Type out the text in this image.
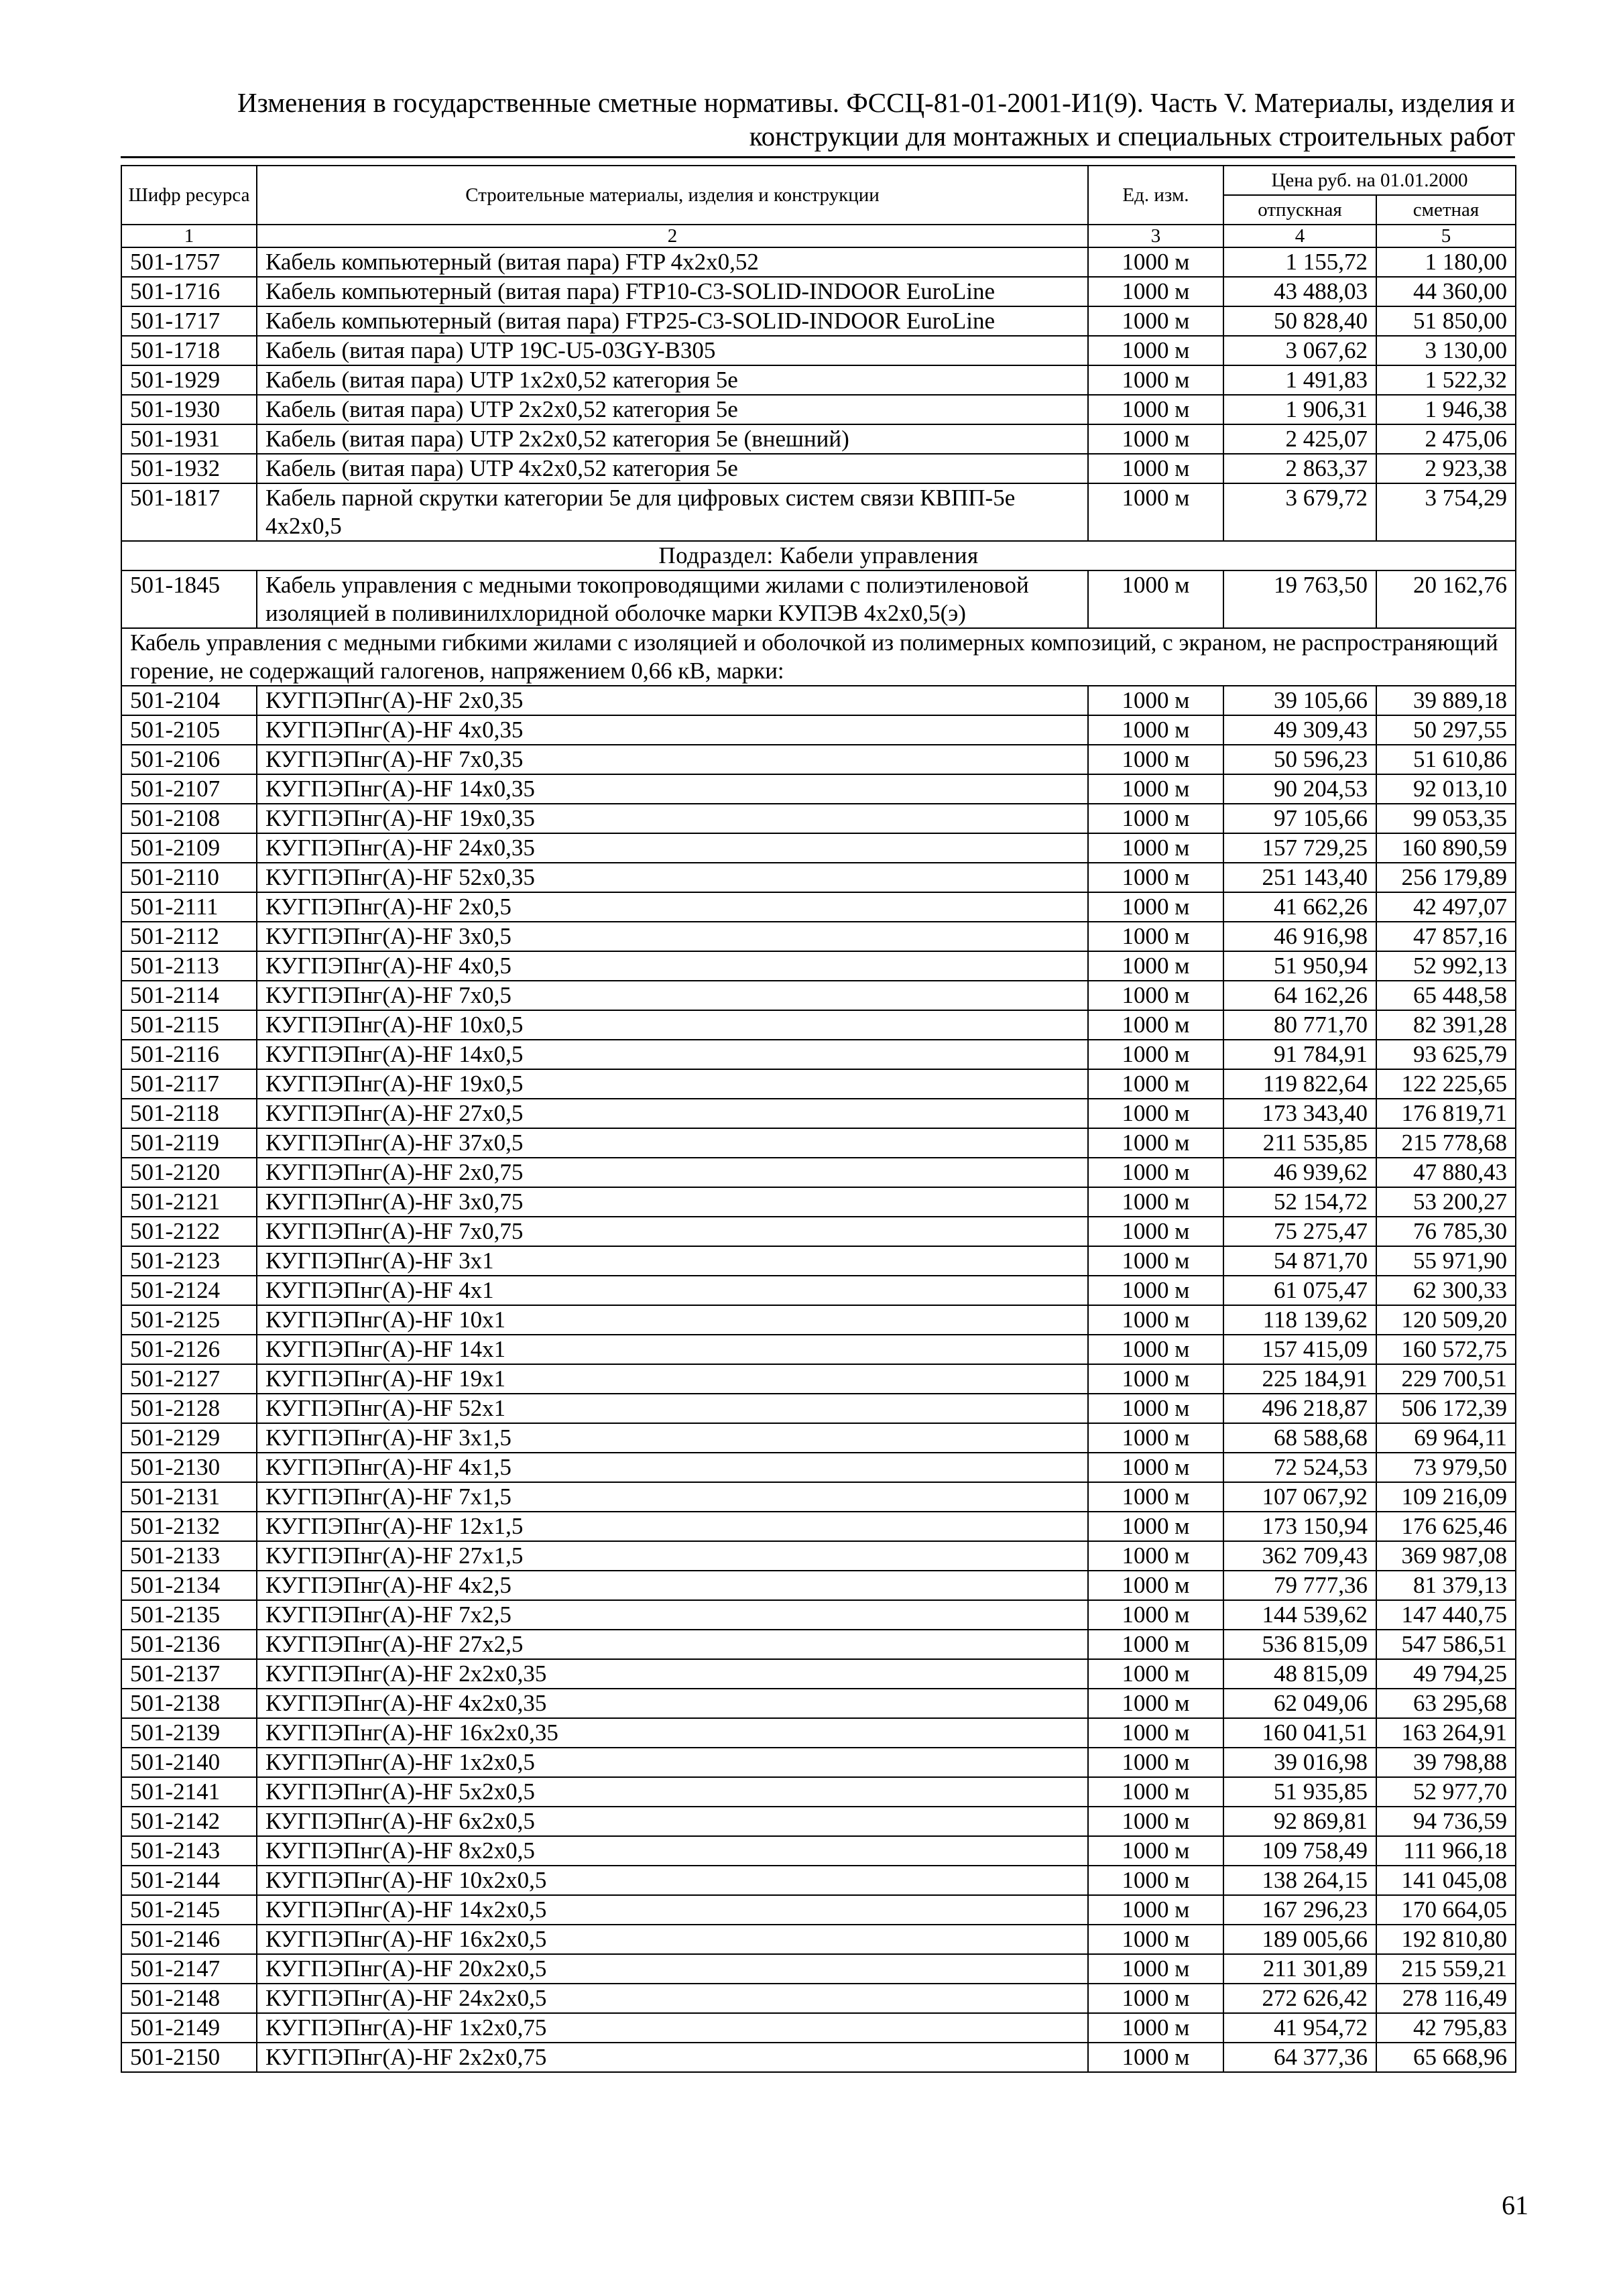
Изменения в государственные сметные нормативы. ФССЦ-81-01-2001-И1(9). Часть V. Материалы, изделия и
конструкции для монтажных и специальных строительных работ
Шифр ресурса	Строительные материалы, изделия и конструкции	Ед. изм.	Цена руб. на 01.01.2000	
			отпускная	сметная
1	2	3	4	5
501-1757	Кабель компьютерный (витая пара) FTP 4x2x0,52	1000 м	1 155,72	1 180,00
501-1716	Кабель компьютерный (витая пара) FTP10-C3-SOLID-INDOOR EuroLine	1000 м	43 488,03	44 360,00
501-1717	Кабель компьютерный (витая пара) FTP25-C3-SOLID-INDOOR EuroLine	1000 м	50 828,40	51 850,00
501-1718	Кабель (витая пара) UTP 19C-U5-03GY-B305	1000 м	3 067,62	3 130,00
501-1929	Кабель (витая пара) UTP 1x2x0,52 категория 5е	1000 м	1 491,83	1 522,32
501-1930	Кабель (витая пара) UTP 2x2x0,52 категория 5е	1000 м	1 906,31	1 946,38
501-1931	Кабель (витая пара) UTP 2x2x0,52 категория 5е (внешний)	1000 м	2 425,07	2 475,06
501-1932	Кабель (витая пара) UTP 4x2x0,52 категория 5е	1000 м	2 863,37	2 923,38
501-1817	Кабель парной скрутки категории 5е для цифровых систем связи КВПП-5е 4x2x0,5	1000 м	3 679,72	3 754,29
Подраздел: Кабели управления				
501-1845	Кабель управления с медными токопроводящими жилами с полиэтиленовой изоляцией в поливинилхлоридной оболочке марки КУПЭВ 4x2x0,5(э)	1000 м	19 763,50	20 162,76
Кабель управления с медными гибкими жилами с изоляцией и оболочкой из полимерных композиций, с экраном, не распространяющий горение, не содержащий галогенов, напряжением 0,66 кВ, марки:				
501-2104	КУГПЭПнг(А)-HF 2x0,35	1000 м	39 105,66	39 889,18
501-2105	КУГПЭПнг(А)-HF 4x0,35	1000 м	49 309,43	50 297,55
501-2106	КУГПЭПнг(А)-HF 7x0,35	1000 м	50 596,23	51 610,86
501-2107	КУГПЭПнг(А)-HF 14x0,35	1000 м	90 204,53	92 013,10
501-2108	КУГПЭПнг(А)-HF 19x0,35	1000 м	97 105,66	99 053,35
501-2109	КУГПЭПнг(А)-HF 24x0,35	1000 м	157 729,25	160 890,59
501-2110	КУГПЭПнг(А)-HF 52x0,35	1000 м	251 143,40	256 179,89
501-2111	КУГПЭПнг(А)-HF 2x0,5	1000 м	41 662,26	42 497,07
501-2112	КУГПЭПнг(А)-HF 3x0,5	1000 м	46 916,98	47 857,16
501-2113	КУГПЭПнг(А)-HF 4x0,5	1000 м	51 950,94	52 992,13
501-2114	КУГПЭПнг(А)-HF 7x0,5	1000 м	64 162,26	65 448,58
501-2115	КУГПЭПнг(А)-HF 10x0,5	1000 м	80 771,70	82 391,28
501-2116	КУГПЭПнг(А)-HF 14x0,5	1000 м	91 784,91	93 625,79
501-2117	КУГПЭПнг(А)-HF 19x0,5	1000 м	119 822,64	122 225,65
501-2118	КУГПЭПнг(А)-HF 27x0,5	1000 м	173 343,40	176 819,71
501-2119	КУГПЭПнг(А)-HF 37x0,5	1000 м	211 535,85	215 778,68
501-2120	КУГПЭПнг(А)-HF 2x0,75	1000 м	46 939,62	47 880,43
501-2121	КУГПЭПнг(А)-HF 3x0,75	1000 м	52 154,72	53 200,27
501-2122	КУГПЭПнг(А)-HF 7x0,75	1000 м	75 275,47	76 785,30
501-2123	КУГПЭПнг(А)-HF 3x1	1000 м	54 871,70	55 971,90
501-2124	КУГПЭПнг(А)-HF 4x1	1000 м	61 075,47	62 300,33
501-2125	КУГПЭПнг(А)-HF 10x1	1000 м	118 139,62	120 509,20
501-2126	КУГПЭПнг(А)-HF 14x1	1000 м	157 415,09	160 572,75
501-2127	КУГПЭПнг(А)-HF 19x1	1000 м	225 184,91	229 700,51
501-2128	КУГПЭПнг(А)-HF 52x1	1000 м	496 218,87	506 172,39
501-2129	КУГПЭПнг(А)-HF 3x1,5	1000 м	68 588,68	69 964,11
501-2130	КУГПЭПнг(А)-HF 4x1,5	1000 м	72 524,53	73 979,50
501-2131	КУГПЭПнг(А)-HF 7x1,5	1000 м	107 067,92	109 216,09
501-2132	КУГПЭПнг(А)-HF 12x1,5	1000 м	173 150,94	176 625,46
501-2133	КУГПЭПнг(А)-HF 27x1,5	1000 м	362 709,43	369 987,08
501-2134	КУГПЭПнг(А)-HF 4x2,5	1000 м	79 777,36	81 379,13
501-2135	КУГПЭПнг(А)-HF 7x2,5	1000 м	144 539,62	147 440,75
501-2136	КУГПЭПнг(А)-HF 27x2,5	1000 м	536 815,09	547 586,51
501-2137	КУГПЭПнг(А)-HF 2x2x0,35	1000 м	48 815,09	49 794,25
501-2138	КУГПЭПнг(А)-HF 4x2x0,35	1000 м	62 049,06	63 295,68
501-2139	КУГПЭПнг(А)-HF 16x2x0,35	1000 м	160 041,51	163 264,91
501-2140	КУГПЭПнг(А)-HF 1x2x0,5	1000 м	39 016,98	39 798,88
501-2141	КУГПЭПнг(А)-HF 5x2x0,5	1000 м	51 935,85	52 977,70
501-2142	КУГПЭПнг(А)-HF 6x2x0,5	1000 м	92 869,81	94 736,59
501-2143	КУГПЭПнг(А)-HF 8x2x0,5	1000 м	109 758,49	111 966,18
501-2144	КУГПЭПнг(А)-HF 10x2x0,5	1000 м	138 264,15	141 045,08
501-2145	КУГПЭПнг(А)-HF 14x2x0,5	1000 м	167 296,23	170 664,05
501-2146	КУГПЭПнг(А)-HF 16x2x0,5	1000 м	189 005,66	192 810,80
501-2147	КУГПЭПнг(А)-HF 20x2x0,5	1000 м	211 301,89	215 559,21
501-2148	КУГПЭПнг(А)-HF 24x2x0,5	1000 м	272 626,42	278 116,49
501-2149	КУГПЭПнг(А)-HF 1x2x0,75	1000 м	41 954,72	42 795,83
501-2150	КУГПЭПнг(А)-HF 2x2x0,75	1000 м	64 377,36	65 668,96
61
